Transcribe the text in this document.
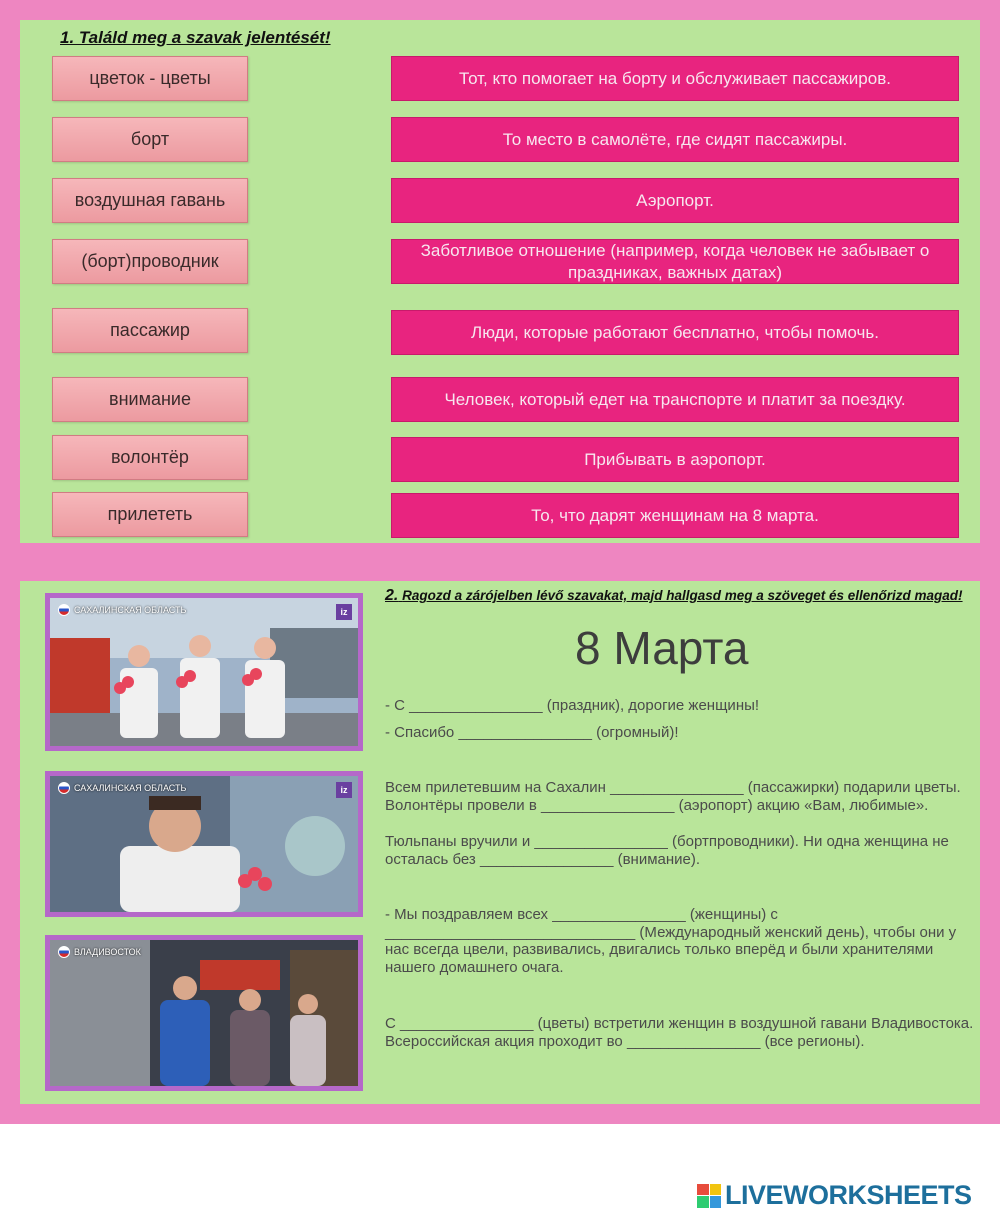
1. Találd meg a szavak jelentését!
цветок - цветы
борт
воздушная гавань
(борт)проводник
пассажир
внимание
волонтёр
прилететь
Тот, кто помогает на борту и обслуживает пассажиров.
То место в самолёте, где сидят пассажиры.
Аэропорт.
Заботливое отношение (например, когда человек не забывает о праздниках, важных датах)
Люди, которые работают бесплатно, чтобы помочь.
Человек, который едет на транспорте и платит за поездку.
Прибывать в аэропорт.
То, что дарят женщинам на 8 марта.
САХАЛИНСКАЯ ОБЛАСТЬ	iz
САХАЛИНСКАЯ ОБЛАСТЬ	iz
ВЛАДИВОСТОК
2. Ragozd a zárójelben lévő szavakat, majd hallgasd meg a szöveget és ellenőrizd magad!
8 Марта
- С ________________ (праздник), дорогие женщины!
- Спасибо ________________ (огромный)!
Всем прилетевшим на Сахалин ________________ (пассажирки) подарили цветы. Волонтёры провели в ________________ (аэропорт) акцию «Вам, любимые».
Тюльпаны вручили и ________________ (бортпроводники). Ни одна женщина не осталась без ________________ (внимание).
- Мы поздравляем всех ________________ (женщины) с ______________________________ (Международный женский день), чтобы они у нас всегда цвели, развивались, двигались только вперёд и были хранителями нашего домашнего очага.
С ________________ (цветы) встретили женщин в воздушной гавани Владивостока. Всероссийская акция проходит во ________________ (все регионы).
LIVEWORKSHEETS
